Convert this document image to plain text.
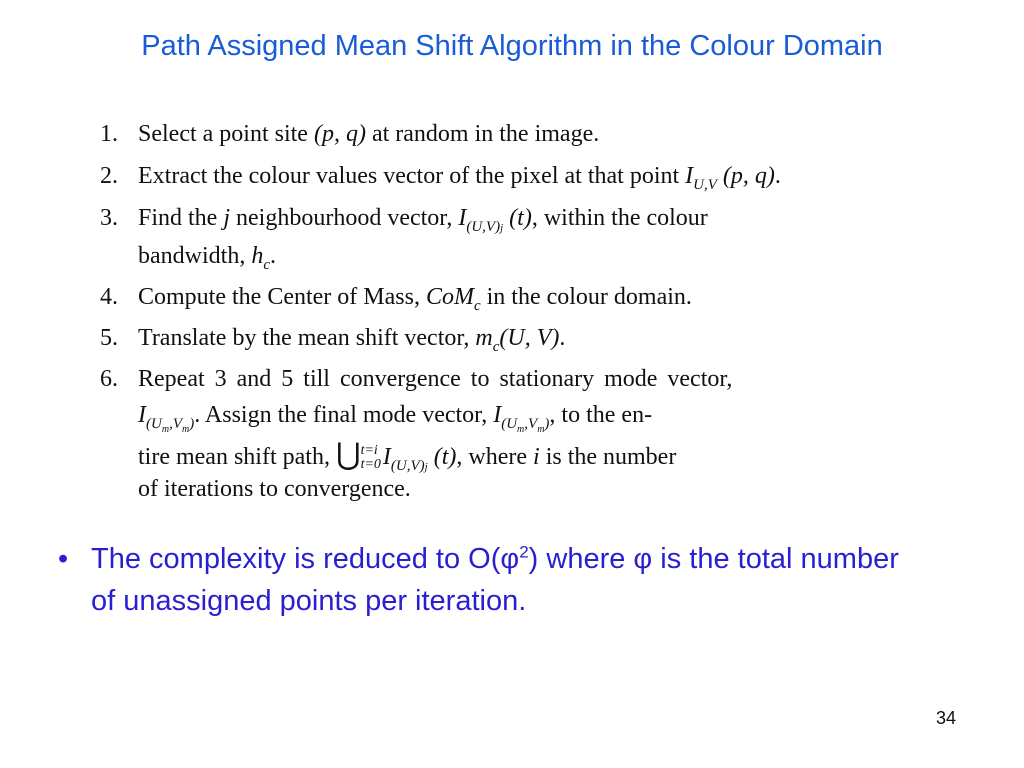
Path Assigned Mean Shift Algorithm in the Colour Domain
1. Select a point site (p, q) at random in the image.
2. Extract the colour values vector of the pixel at that point $I_{U,V}$ (p, q).
3. Find the j neighbourhood vector, $I_{(U,V)j}$ (t), within the colour
bandwidth, $h_c$.
4. Compute the Center of Mass, CoM$_c$ in the colour domain.
5. Translate by the mean shift vector, $m_c(U$, V).
6. Repeat 3 and 5 till convergence to stationary mode vector,
$I_{(U_m,V_m)}$. Assign the final mode vector, $I_{(U_m,V_m)}$, to the en-
tire mean shift path, ⋃t=i
$t=0I_{(U,V)j}$ (t), where i is the number
of iterations to convergence.
• The complexity is reduced to $O(\varphi^2)$ where φ is the total number of unassigned points per iteration.
34
